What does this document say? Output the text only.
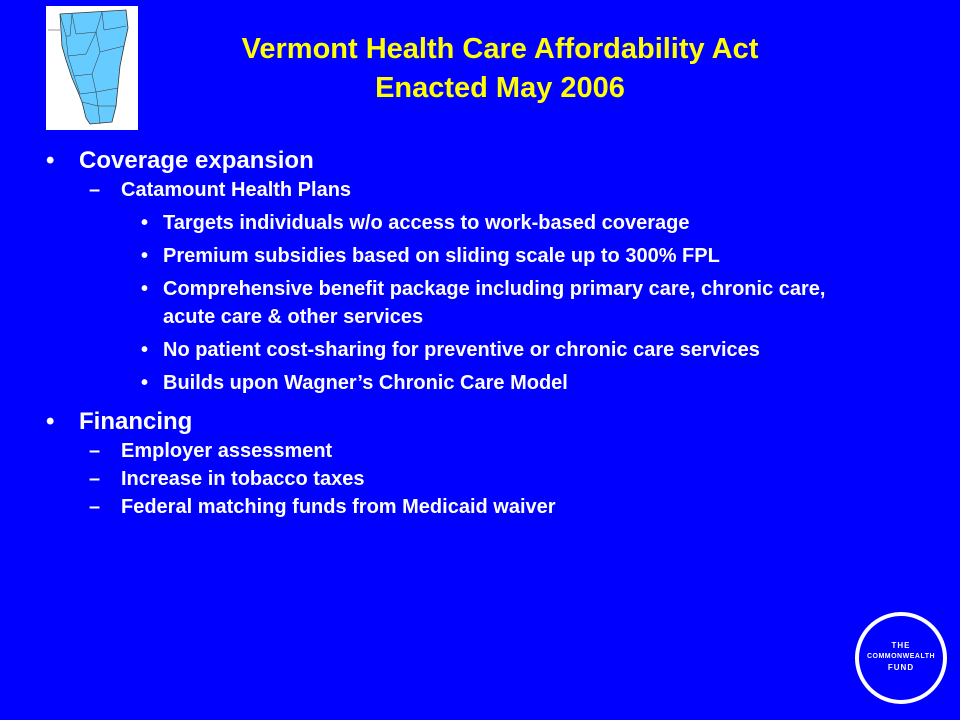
Vermont Health Care Affordability Act
Enacted May 2006
• Coverage expansion
– Catamount Health Plans
• Targets individuals w/o access to work-based coverage
• Premium subsidies based on sliding scale up to 300% FPL
• Comprehensive benefit package including primary care, chronic care, acute care & other services
• No patient cost-sharing for preventive or chronic care services
• Builds upon Wagner’s Chronic Care Model
• Financing
– Employer assessment
– Increase in tobacco taxes
– Federal matching funds from Medicaid waiver
THE
COMMONWEALTH
FUND
